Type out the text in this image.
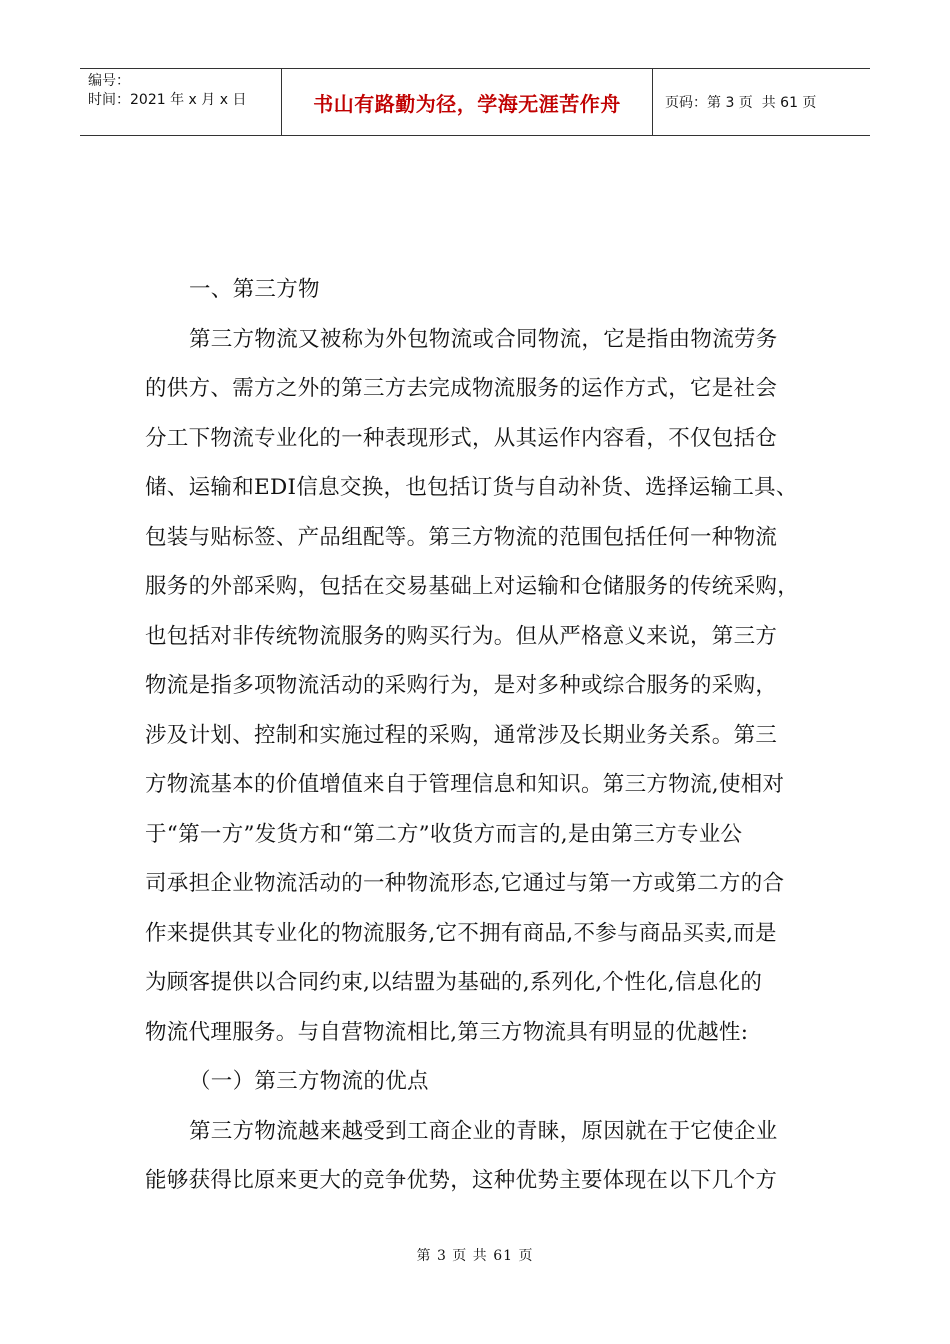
编号：
时间：2021 年 x 月 x 日	书山有路勤为径，学海无涯苦作舟	页码：第 3 页  共 61 页
一、第三方物
第三方物流又被称为外包物流或合同物流，它是指由物流劳务
的供方、需方之外的第三方去完成物流服务的运作方式，它是社会
分工下物流专业化的一种表现形式，从其运作内容看，不仅包括仓
储、运输和EDI信息交换，也包括订货与自动补货、选择运输工具、
包装与贴标签、产品组配等。第三方物流的范围包括任何一种物流
服务的外部采购，包括在交易基础上对运输和仓储服务的传统采购，
也包括对非传统物流服务的购买行为。但从严格意义来说，第三方
物流是指多项物流活动的采购行为，是对多种或综合服务的采购，
涉及计划、控制和实施过程的采购，通常涉及长期业务关系。第三
方物流基本的价值增值来自于管理信息和知识。第三方物流,使相对
于“第一方”发货方和“第二方”收货方而言的,是由第三方专业公
司承担企业物流活动的一种物流形态,它通过与第一方或第二方的合
作来提供其专业化的物流服务,它不拥有商品,不参与商品买卖,而是
为顾客提供以合同约束,以结盟为基础的,系列化,个性化,信息化的
物流代理服务。与自营物流相比,第三方物流具有明显的优越性:
（一）第三方物流的优点
第三方物流越来越受到工商企业的青睐，原因就在于它使企业
能够获得比原来更大的竞争优势，这种优势主要体现在以下几个方
第 3 页 共 61 页
